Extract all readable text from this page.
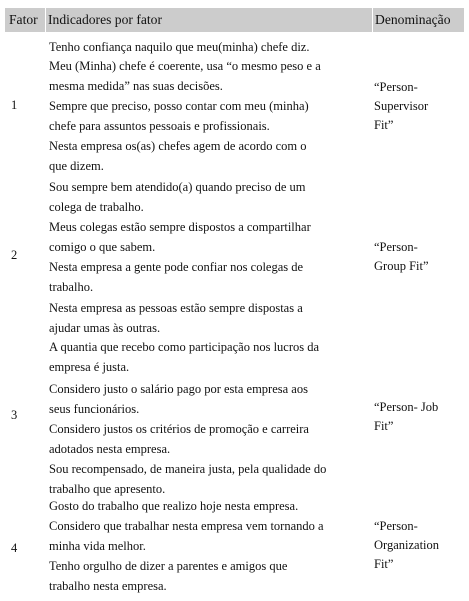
Fator Indicadores por fator	Denominação
1
Tenho confiança naquilo que meu(minha) chefe diz.
Meu (Minha) chefe é coerente, usa “o mesmo peso e a
mesma medida” nas suas decisões.
Sempre que preciso, posso contar com meu (minha)
chefe para assuntos pessoais e profissionais.
Nesta empresa os(as) chefes agem de acordo com o
que dizem.
“Person-
Supervisor
Fit”
2
Sou sempre bem atendido(a) quando preciso de um
colega de trabalho.
Meus colegas estão sempre dispostos a compartilhar
comigo o que sabem.
Nesta empresa a gente pode confiar nos colegas de
trabalho.
Nesta empresa as pessoas estão sempre dispostas a
ajudar umas às outras.
“Person-
Group Fit”
3
A quantia que recebo como participação nos lucros da
empresa é justa.
Considero justo o salário pago por esta empresa aos
seus funcionários.
Considero justos os critérios de promoção e carreira
adotados nesta empresa.
Sou recompensado, de maneira justa, pela qualidade do
trabalho que apresento.
“Person- Job
Fit”
4
Gosto do trabalho que realizo hoje nesta empresa.
Considero que trabalhar nesta empresa vem tornando a
minha vida melhor.
Tenho orgulho de dizer a parentes e amigos que
trabalho nesta empresa.
“Person-
Organization
Fit”
